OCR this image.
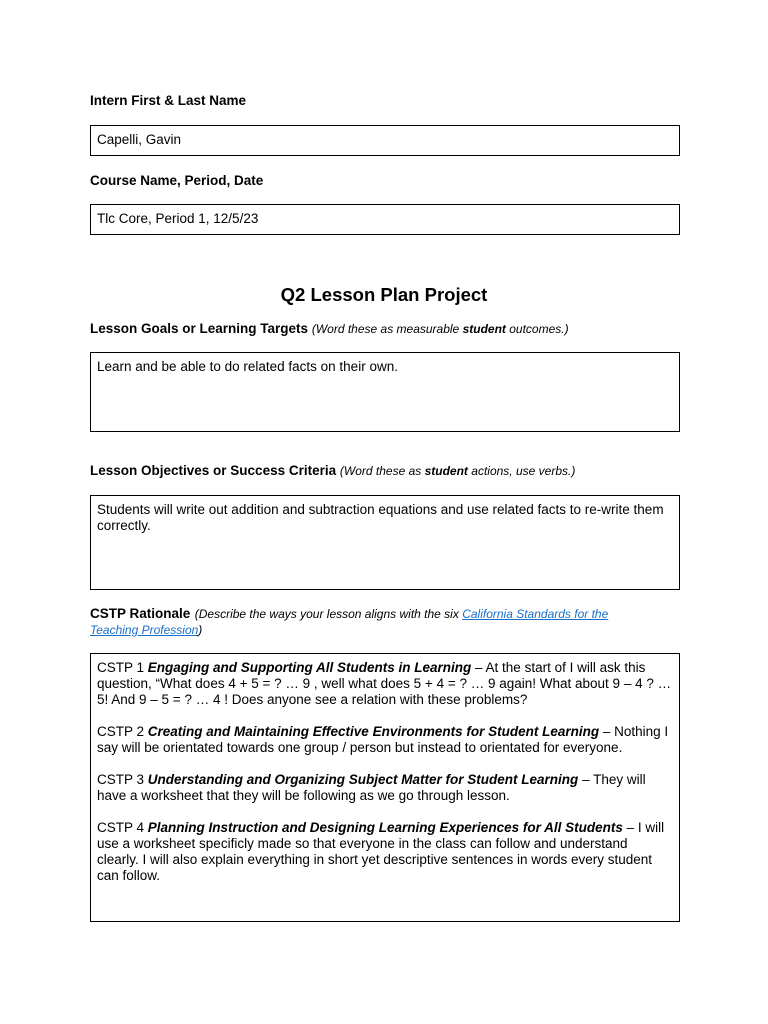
Intern First & Last Name
Capelli, Gavin
Course Name, Period, Date
Tlc Core, Period 1, 12/5/23
Q2 Lesson Plan Project
Lesson Goals or Learning Targets (Word these as measurable student outcomes.)
Learn and be able to do related facts on their own.
Lesson Objectives or Success Criteria (Word these as student actions, use verbs.)
Students will write out addition and subtraction equations and use related facts to re-write them correctly.
CSTP Rationale (Describe the ways your lesson aligns with the six California Standards for the Teaching Profession)

CSTP 1 Engaging and Supporting All Students in Learning – At the start of I will ask this question, “What does 4 + 5 = ? … 9 , well what does 5 + 4 = ? … 9 again! What about 9 – 4 ? … 5! And 9 – 5 = ? … 4 ! Does anyone see a relation with these problems?

CSTP 2 Creating and Maintaining Effective Environments for Student Learning – Nothing I say will be orientated towards one group / person but instead to orientated for everyone.

CSTP 3 Understanding and Organizing Subject Matter for Student Learning – They will have a worksheet that they will be following as we go through lesson.

CSTP 4 Planning Instruction and Designing Learning Experiences for All Students – I will use a worksheet specificly made so that everyone in the class can follow and understand clearly. I will also explain everything in short yet descriptive sentences in words every student can follow.
